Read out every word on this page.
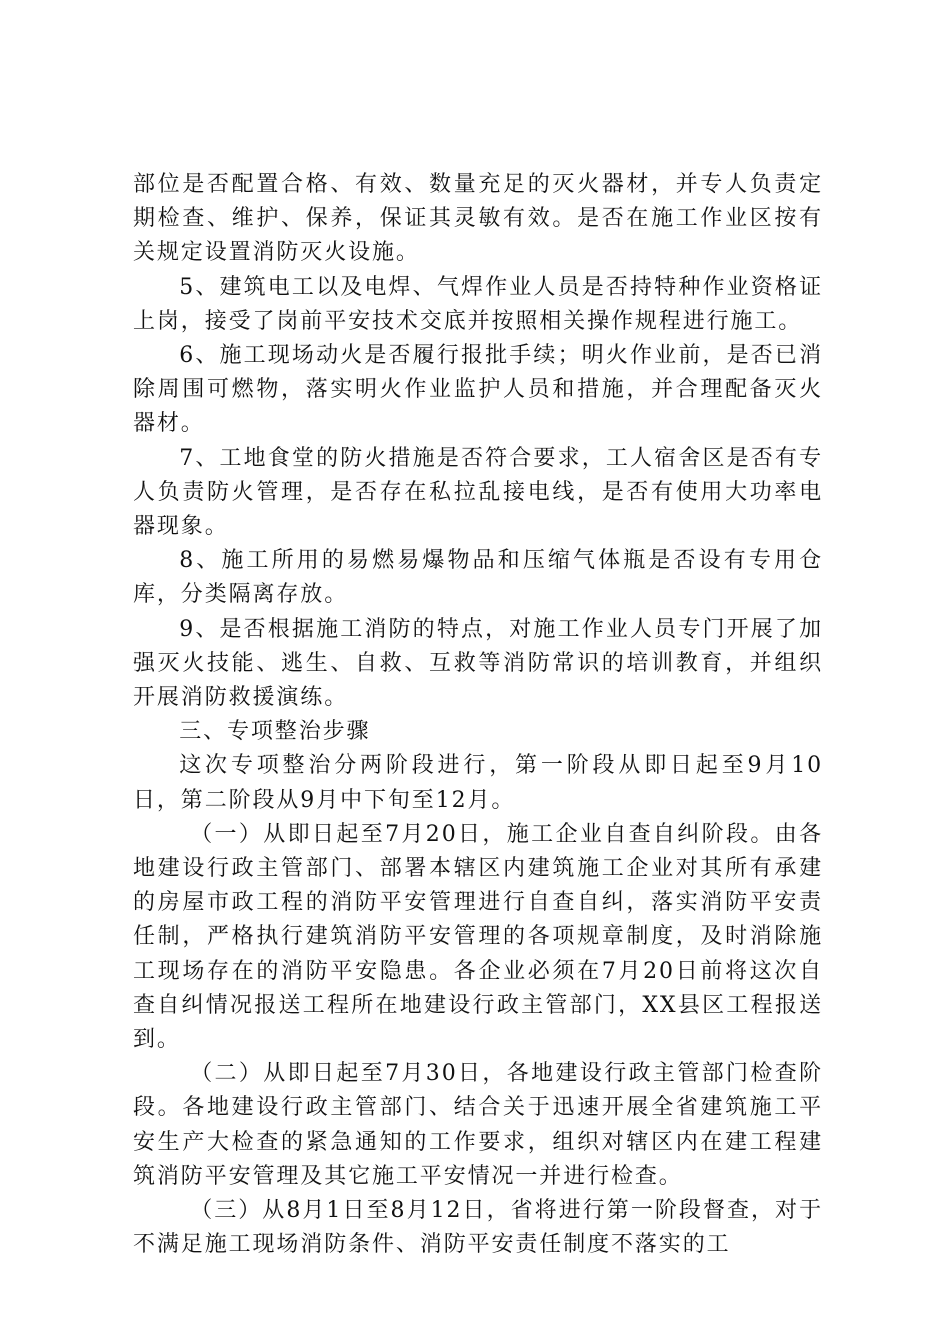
部位是否配置合格、有效、数量充足的灭火器材，并专人负责定期检查、维护、保养，保证其灵敏有效。是否在施工作业区按有关规定设置消防灭火设施。

5、建筑电工以及电焊、气焊作业人员是否持特种作业资格证上岗，接受了岗前平安技术交底并按照相关操作规程进行施工。

6、施工现场动火是否履行报批手续；明火作业前，是否已消除周围可燃物，落实明火作业监护人员和措施，并合理配备灭火器材。

7、工地食堂的防火措施是否符合要求，工人宿舍区是否有专人负责防火管理，是否存在私拉乱接电线，是否有使用大功率电器现象。

8、施工所用的易燃易爆物品和压缩气体瓶是否设有专用仓库，分类隔离存放。

9、是否根据施工消防的特点，对施工作业人员专门开展了加强灭火技能、逃生、自救、互救等消防常识的培训教育，并组织开展消防救援演练。

三、专项整治步骤

这次专项整治分两阶段进行，第一阶段从即日起至9月10日，第二阶段从9月中下旬至12月。

（一）从即日起至7月20日，施工企业自查自纠阶段。由各地建设行政主管部门、部署本辖区内建筑施工企业对其所有承建的房屋市政工程的消防平安管理进行自查自纠，落实消防平安责任制，严格执行建筑消防平安管理的各项规章制度，及时消除施工现场存在的消防平安隐患。各企业必须在7月20日前将这次自查自纠情况报送工程所在地建设行政主管部门，XX县区工程报送到。

（二）从即日起至7月30日，各地建设行政主管部门检查阶段。各地建设行政主管部门、结合关于迅速开展全省建筑施工平安生产大检查的紧急通知的工作要求，组织对辖区内在建工程建筑消防平安管理及其它施工平安情况一并进行检查。

（三）从8月1日至8月12日，省将进行第一阶段督查，对于不满足施工现场消防条件、消防平安责任制度不落实的工
